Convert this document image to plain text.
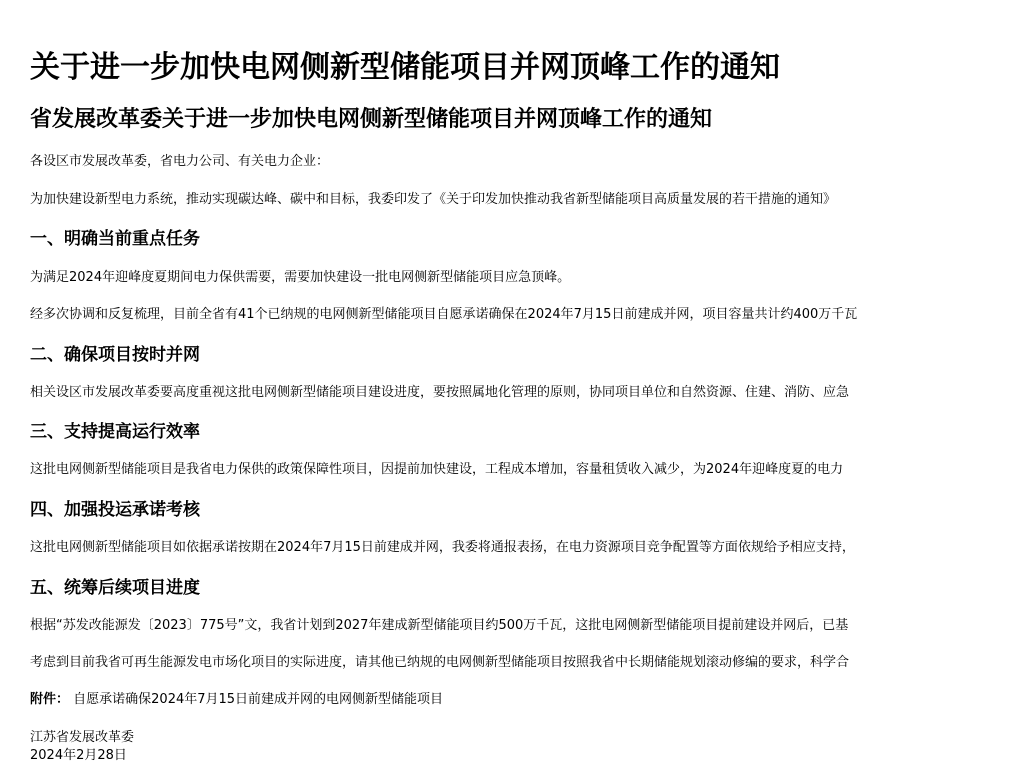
关于进一步加快电网侧新型储能项目并网顶峰工作的通知
省发展改革委关于进一步加快电网侧新型储能项目并网顶峰工作的通知

各设区市发展改革委，省电力公司、有关电力企业：

为加快建设新型电力系统，推动实现碳达峰、碳中和目标，我委印发了《关于印发加快推动我省新型储能项目高质量发展的若干措施的通知》

一、明确当前重点任务

为满足2024年迎峰度夏期间电力保供需要，需要加快建设一批电网侧新型储能项目应急顶峰。

经多次协调和反复梳理，目前全省有41个已纳规的电网侧新型储能项目自愿承诺确保在2024年7月15日前建成并网，项目容量共计约400万千瓦

二、确保项目按时并网

相关设区市发展改革委要高度重视这批电网侧新型储能项目建设进度，要按照属地化管理的原则，协同项目单位和自然资源、住建、消防、应急

三、支持提高运行效率

这批电网侧新型储能项目是我省电力保供的政策保障性项目，因提前加快建设，工程成本增加，容量租赁收入减少，为2024年迎峰度夏的电力

四、加强投运承诺考核

这批电网侧新型储能项目如依据承诺按期在2024年7月15日前建成并网，我委将通报表扬，在电力资源项目竞争配置等方面依规给予相应支持，

五、统筹后续项目进度

根据“苏发改能源发〔2023〕775号”文，我省计划到2027年建成新型储能项目约500万千瓦，这批电网侧新型储能项目提前建设并网后，已基

考虑到目前我省可再生能源发电市场化项目的实际进度，请其他已纳规的电网侧新型储能项目按照我省中长期储能规划滚动修编的要求，科学合

附件： 自愿承诺确保2024年7月15日前建成并网的电网侧新型储能项目

江苏省发展改革委
2024年2月28日
